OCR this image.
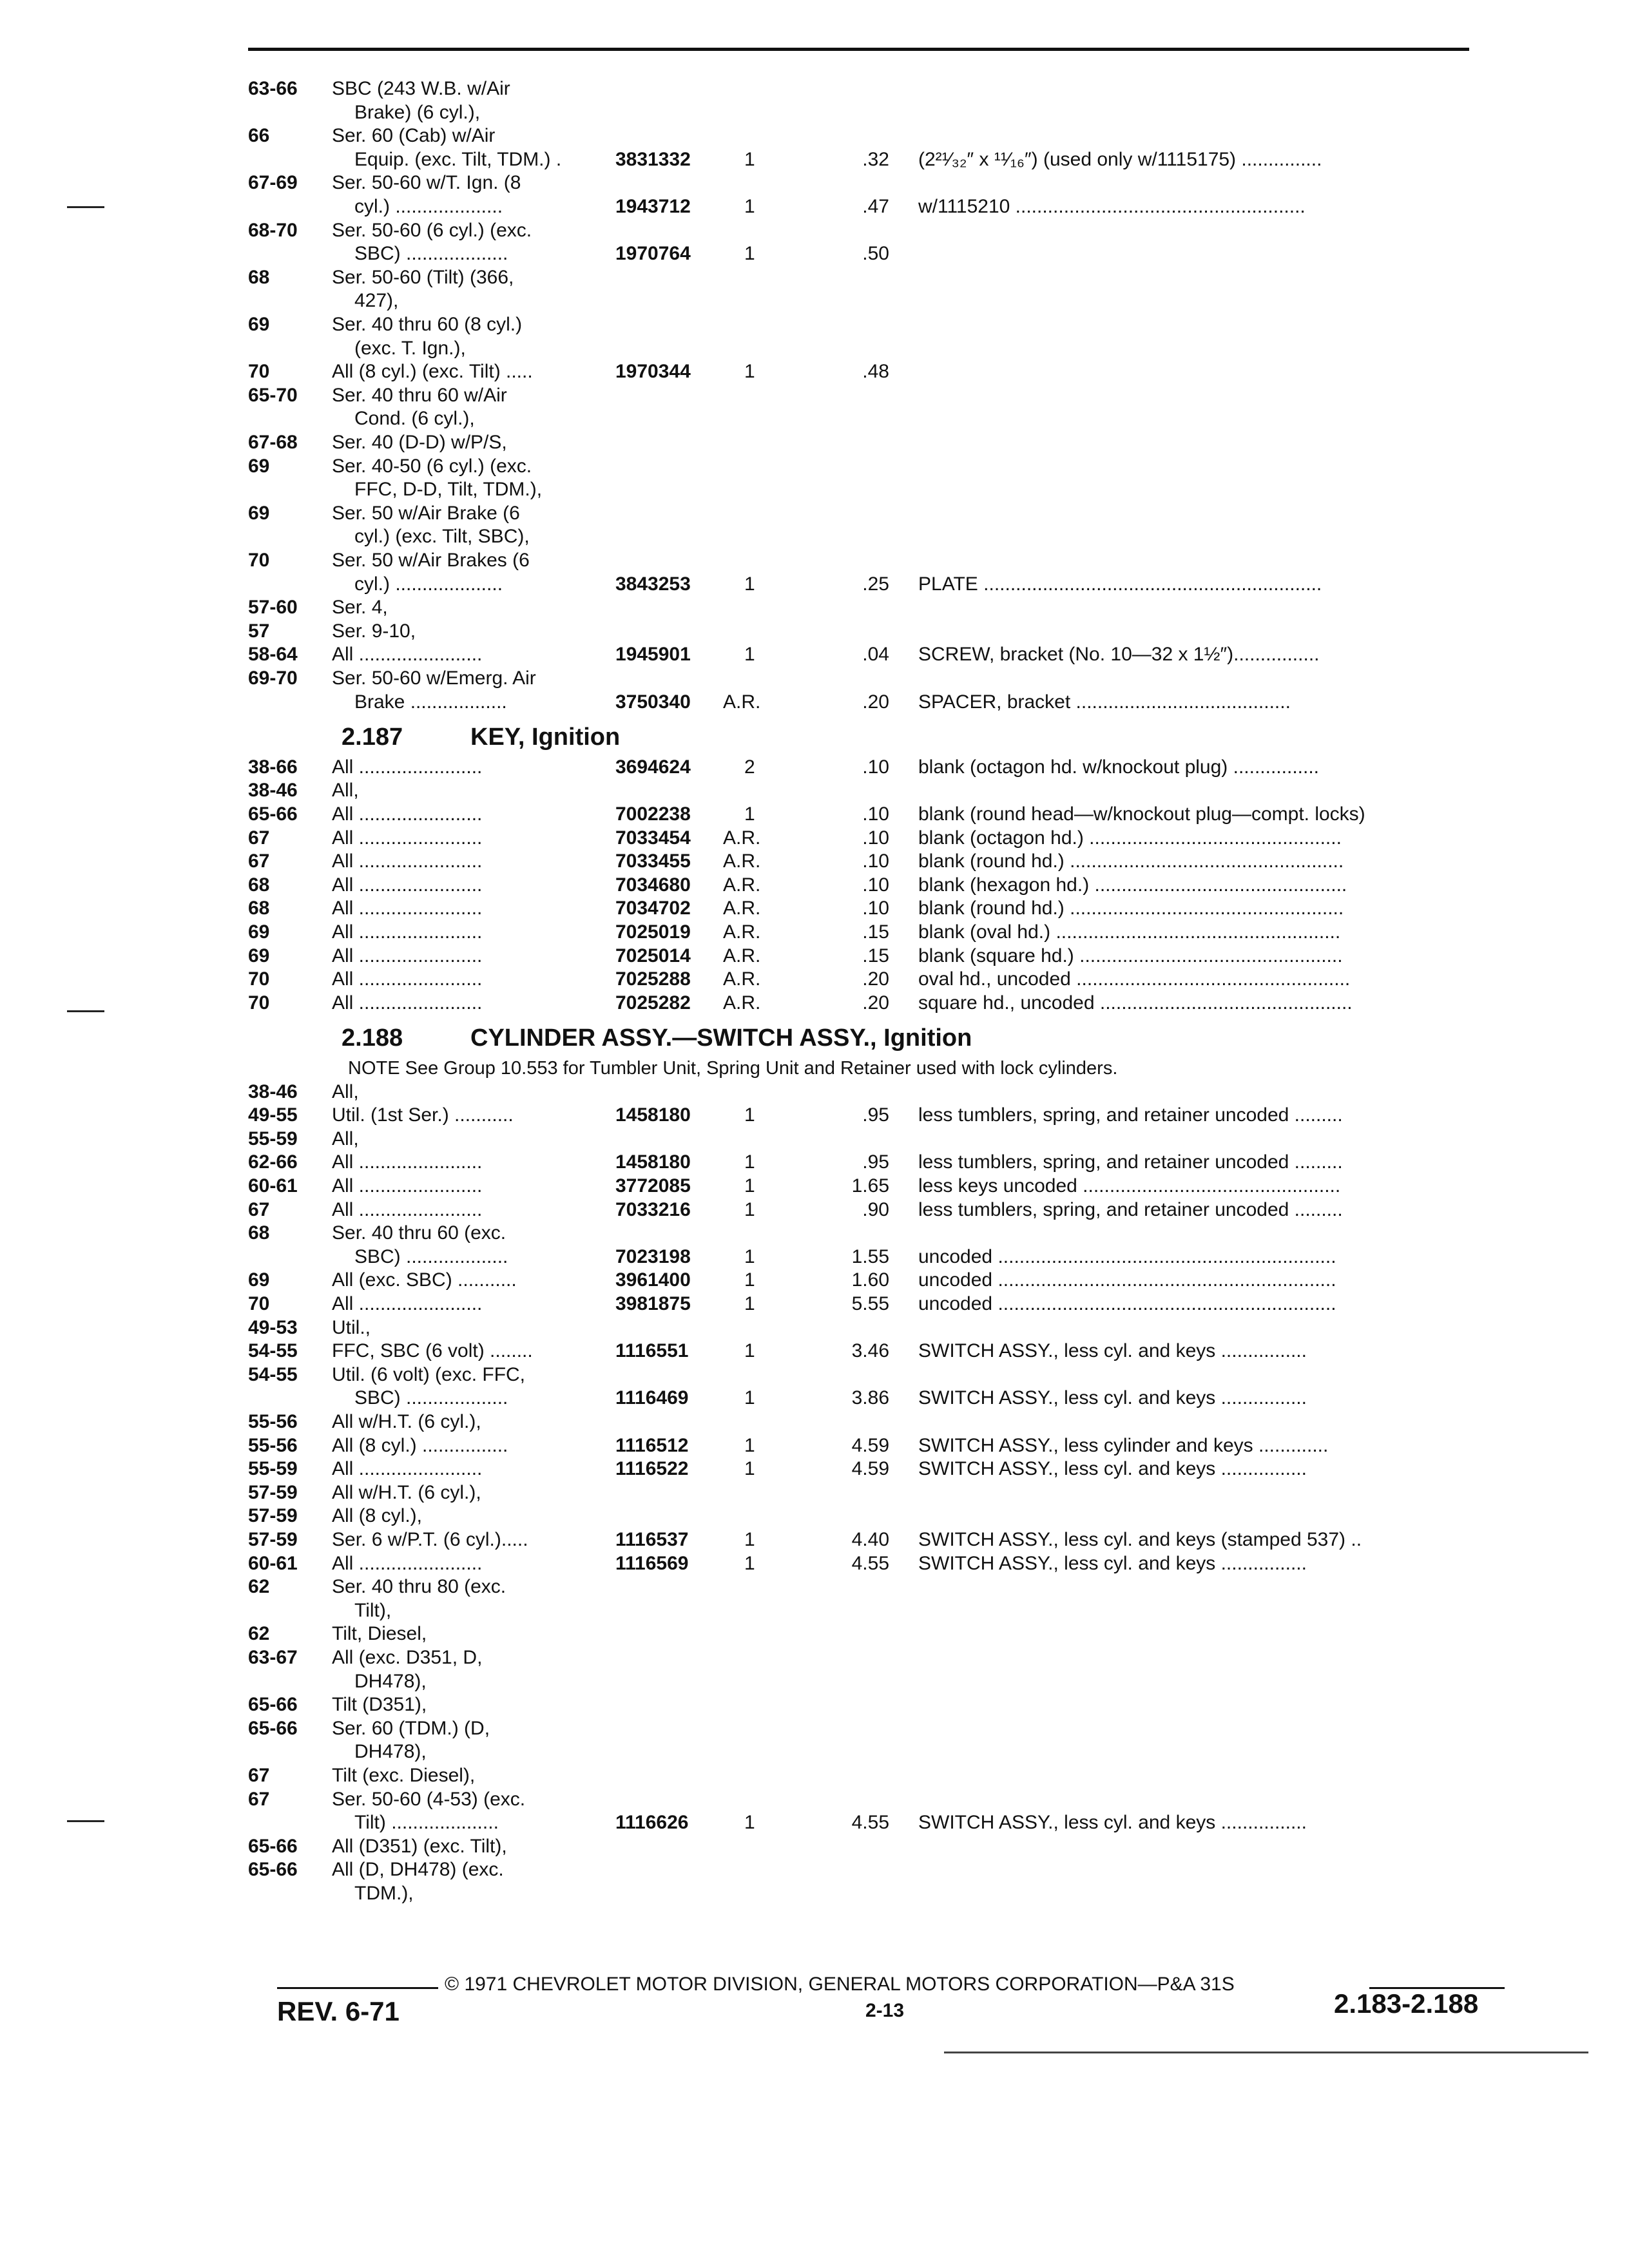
63-66 SBC (243 W.B. w/Air
Brake) (6 cyl.),
66	Ser. 60 (Cab) w/Air
Equip. (exc. Tilt, TDM.) .	3831332	1	.32 (2²¹⁄₃₂″ x ¹¹⁄₁₆″) (used only w/1115175) ...............
67-69 Ser. 50-60 w/T. Ign. (8
cyl.) ....................	1943712	1	.47 w/1115210 ......................................................
68-70 Ser. 50-60 (6 cyl.) (exc.
SBC) ...................	1970764	1	.50
68	Ser. 50-60 (Tilt) (366,
427),
69	Ser. 40 thru 60 (8 cyl.)
(exc. T. Ign.),
70	All (8 cyl.) (exc. Tilt) .....	1970344	1	.48
65-70 Ser. 40 thru 60 w/Air
Cond. (6 cyl.),
67-68 Ser. 40 (D-D) w/P/S,
69	Ser. 40-50 (6 cyl.) (exc.
FFC, D-D, Tilt, TDM.),
69	Ser. 50 w/Air Brake (6
cyl.) (exc. Tilt, SBC),
70	Ser. 50 w/Air Brakes (6
cyl.) ....................	3843253	1	.25 PLATE ...............................................................
57-60 Ser. 4,
57	Ser. 9-10,
58-64 All .......................	1945901	1	.04 SCREW, bracket (No. 10—32 x 1½″)................
69-70 Ser. 50-60 w/Emerg. Air
Brake ..................	3750340 A.R.	.20 SPACER, bracket ........................................
2.187	KEY, Ignition
38-66 All .......................	3694624	2	.10 blank (octagon hd. w/knockout plug) ................
38-46 All,
65-66 All .......................	7002238	1	.10 blank (round head—w/knockout plug—compt. locks)
67	All .......................	7033454 A.R.	.10 blank (octagon hd.) ...............................................
67	All .......................	7033455 A.R.	.10 blank (round hd.) ...................................................
68	All .......................	7034680 A.R.	.10 blank (hexagon hd.) ...............................................
68	All .......................	7034702 A.R.	.10 blank (round hd.) ...................................................
69	All .......................	7025019 A.R.	.15 blank (oval hd.) .....................................................
69	All .......................	7025014 A.R.	.15 blank (square hd.) .................................................
70	All .......................	7025288 A.R.	.20 oval hd., uncoded ...................................................
70	All .......................	7025282 A.R.	.20 square hd., uncoded ...............................................
2.188	CYLINDER ASSY.—SWITCH ASSY., Ignition
NOTE See Group 10.553 for Tumbler Unit, Spring Unit and Retainer used with lock cylinders.
38-46 All,
49-55 Util. (1st Ser.) ...........	1458180	1	.95 less tumblers, spring, and retainer uncoded .........
55-59 All,
62-66 All .......................	1458180	1	.95 less tumblers, spring, and retainer uncoded .........
60-61 All .......................	3772085	1	1.65 less keys uncoded ................................................
67	All .......................	7033216	1	.90 less tumblers, spring, and retainer uncoded .........
68	Ser. 40 thru 60 (exc.
SBC) ...................	7023198	1	1.55 uncoded ...............................................................
69	All (exc. SBC) ...........	3961400	1	1.60 uncoded ...............................................................
70	All .......................	3981875	1	5.55 uncoded ...............................................................
49-53 Util.,
54-55 FFC, SBC (6 volt) ........	1116551	1	3.46 SWITCH ASSY., less cyl. and keys ................
54-55 Util. (6 volt) (exc. FFC,
SBC) ...................	1116469	1	3.86 SWITCH ASSY., less cyl. and keys ................
55-56 All w/H.T. (6 cyl.),
55-56 All (8 cyl.) ................	1116512	1	4.59 SWITCH ASSY., less cylinder and keys .............
55-59 All .......................	1116522	1	4.59 SWITCH ASSY., less cyl. and keys ................
57-59 All w/H.T. (6 cyl.),
57-59 All (8 cyl.),
57-59 Ser. 6 w/P.T. (6 cyl.).....	1116537	1	4.40 SWITCH ASSY., less cyl. and keys (stamped 537) ..
60-61 All .......................	1116569	1	4.55 SWITCH ASSY., less cyl. and keys ................
62	Ser. 40 thru 80 (exc.
Tilt),
62	Tilt, Diesel,
63-67 All (exc. D351, D,
DH478),
65-66 Tilt (D351),
65-66 Ser. 60 (TDM.) (D,
DH478),
67	Tilt (exc. Diesel),
67	Ser. 50-60 (4-53) (exc.
Tilt) ....................	1116626	1	4.55 SWITCH ASSY., less cyl. and keys ................
65-66 All (D351) (exc. Tilt),
65-66 All (D, DH478) (exc.
TDM.),
© 1971 CHEVROLET MOTOR DIVISION, GENERAL MOTORS CORPORATION—P&A 31S
REV. 6-71	2-13	2.183-2.188
